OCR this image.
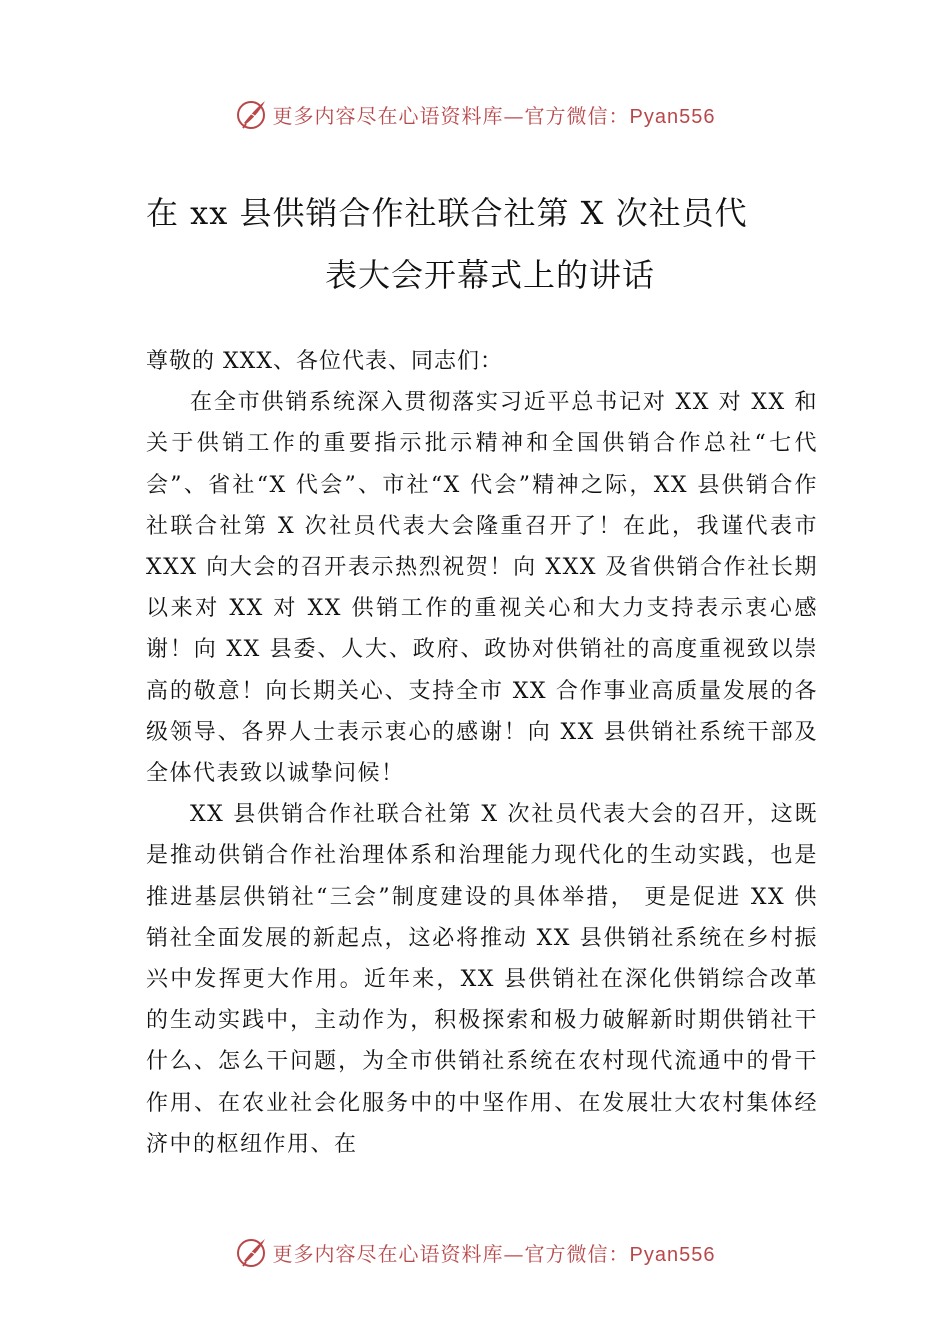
更多内容尽在心语资料库—官方微信：Pyan556
在 xx 县供销合作社联合社第 X 次社员代
表大会开幕式上的讲话

尊敬的 XXX、各位代表、同志们：

在全市供销系统深入贯彻落实习近平总书记对 XX 对 XX 和关于供销工作的重要指示批示精神和全国供销合作总社“七代会”、省社“X 代会”、市社“X 代会”精神之际，XX 县供销合作社联合社第 X 次社员代表大会隆重召开了！在此，我谨代表市 XXX 向大会的召开表示热烈祝贺！向 XXX 及省供销合作社长期以来对 XX 对 XX 供销工作的重视关心和大力支持表示衷心感谢！向 XX 县委、人大、政府、政协对供销社的高度重视致以崇高的敬意！向长期关心、支持全市 XX 合作事业高质量发展的各级领导、各界人士表示衷心的感谢！向 XX 县供销社系统干部及全体代表致以诚挚问候！

XX 县供销合作社联合社第 X 次社员代表大会的召开，这既是推动供销合作社治理体系和治理能力现代化的生动实践，也是推进基层供销社“三会”制度建设的具体举措， 更是促进 XX 供销社全面发展的新起点，这必将推动 XX 县供销社系统在乡村振兴中发挥更大作用。近年来，XX 县供销社在深化供销综合改革的生动实践中，主动作为，积极探索和极力破解新时期供销社干什么、怎么干问题，为全市供销社系统在农村现代流通中的骨干作用、在农业社会化服务中的中坚作用、在发展壮大农村集体经济中的枢纽作用、在

更多内容尽在心语资料库—官方微信：Pyan556
